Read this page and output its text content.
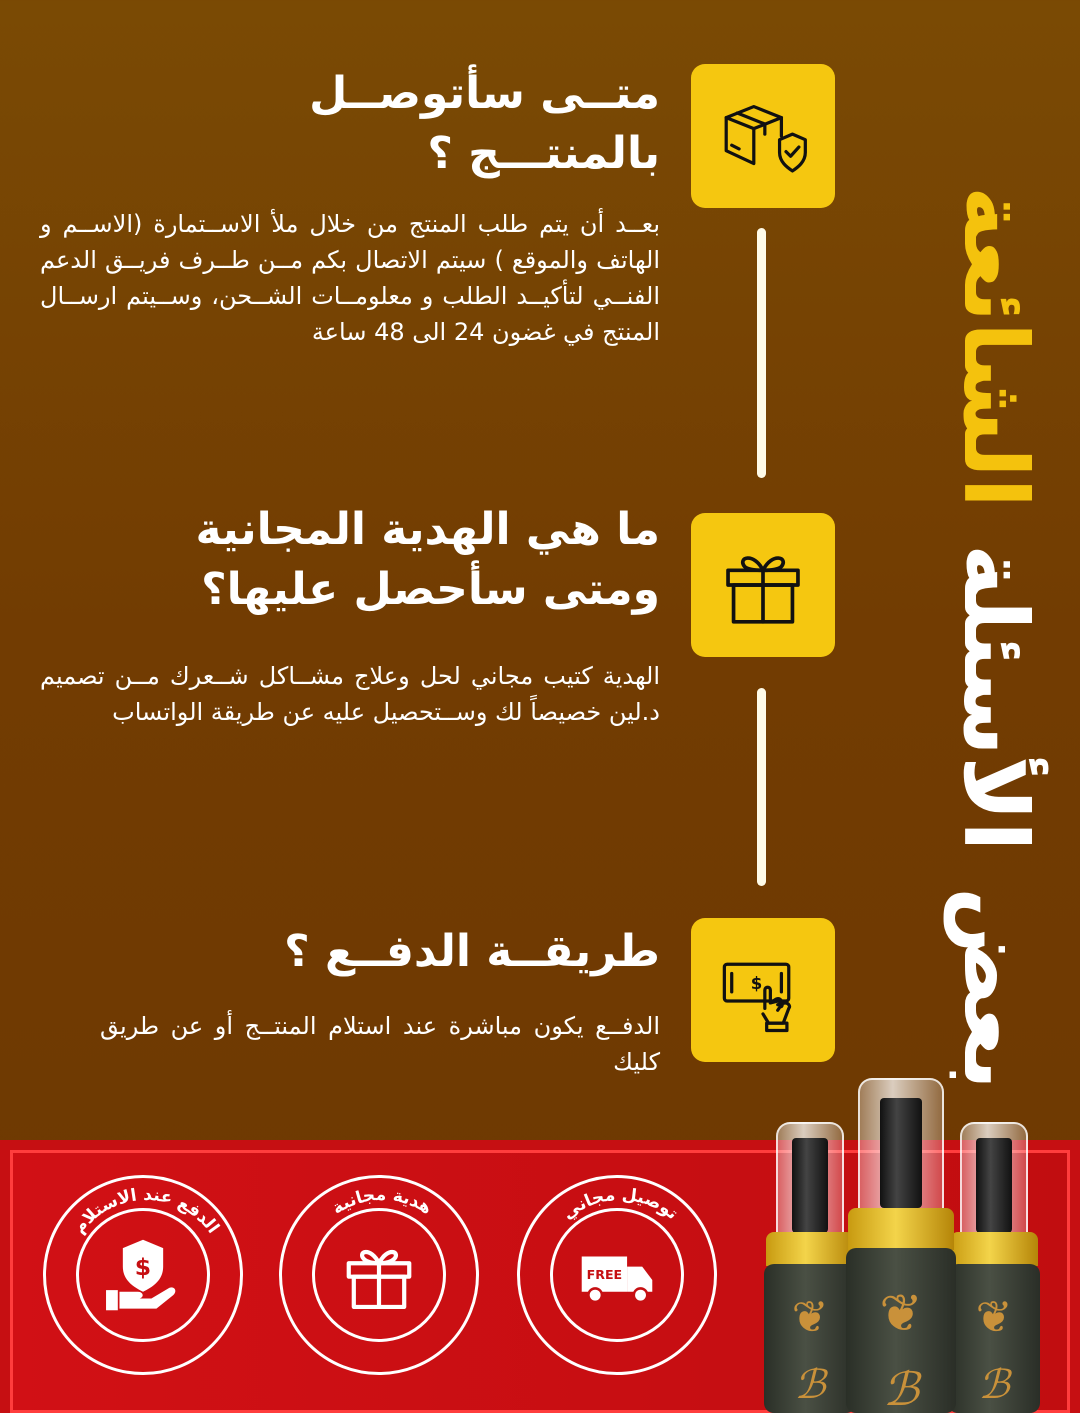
بعض
الأسئلة
الشائعة
$
متــى سأتوصــل
بالمنتـــج ؟

بعــد أن يتم طلب المنتج من خلال ملأ الاســتمارة (الاســم و الهاتف والموقع ) سيتم الاتصال بكم مــن طــرف فريــق الدعم الفنــي لتأكيــد الطلب و معلومــات الشــحن، وســيتم ارســال المنتج في غضون 24 الى 48 ساعة

ما هي الهدية المجانية
ومتى سأحصل عليها؟

الهدية كتيب مجاني لحل وعلاج مشــاكل شــعرك مــن تصميم د.لين خصيصاً لك وســتحصيل عليه عن طريقة الواتساب

طريقــة الدفــع ؟

الدفــع يكون مباشرة عند استلام المنتــج أو عن طريق كليك

توصيل مجاني
FREE
هدية مجانية
الدفع عند الاستلام
$
❦
ℬ
❦
ℬ
❦
ℬ
